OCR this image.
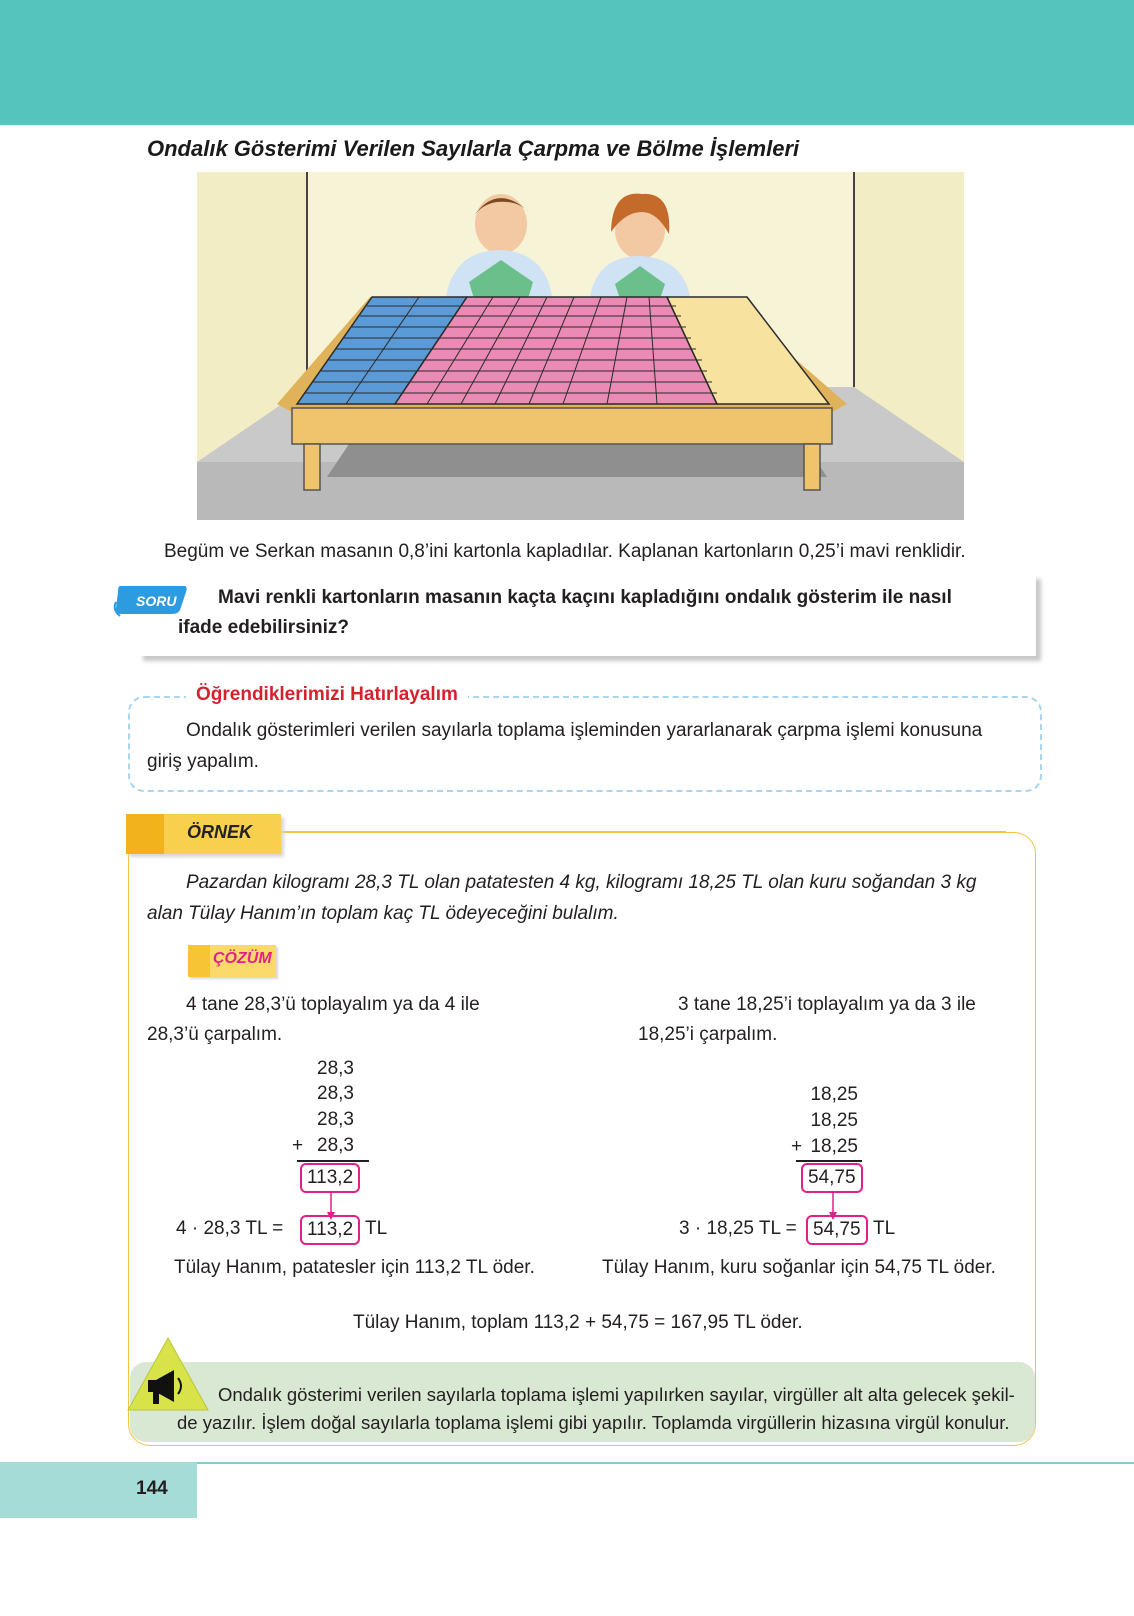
Ondalık Gösterimi Verilen Sayılarla Çarpma ve Bölme İşlemleri
Begüm ve Serkan masanın 0,8’ini kartonla kapladılar. Kaplanan kartonların 0,25’i mavi renklidir.
Mavi renkli kartonların masanın kaçta kaçını kapladığını ondalık gösterim ile nasıl
ifade edebilirsiniz?
SORU
Öğrendiklerimizi Hatırlayalım
Ondalık gösterimleri verilen sayılarla toplama işleminden yararlanarak çarpma işlemi konusuna
giriş yapalım.
ÖRNEK
Pazardan kilogramı 28,3 TL olan patatesten 4 kg, kilogramı 18,25 TL olan kuru soğandan 3 kg
alan Tülay Hanım’ın toplam kaç TL ödeyeceğini bulalım.
ÇÖZÜM
4 tane 28,3’ü toplayalım ya da 4 ile
28,3’ü çarpalım.
28,3
28,3
28,3
+ 28,3
113,2
4 · 28,3 TL =	113,2 TL
Tülay Hanım, patatesler için 113,2 TL öder.
3 tane 18,25’i toplayalım ya da 3 ile
18,25’i çarpalım.
18,25
18,25
+ 18,25
54,75
3 · 18,25 TL = 54,75 TL
Tülay Hanım, kuru soğanlar için 54,75 TL öder.
Tülay Hanım, toplam 113,2 + 54,75 = 167,95 TL öder.
Ondalık gösterimi verilen sayılarla toplama işlemi yapılırken sayılar, virgüller alt alta gelecek şekil-
de yazılır. İşlem doğal sayılarla toplama işlemi gibi yapılır. Toplamda virgüllerin hizasına virgül konulur.
144
